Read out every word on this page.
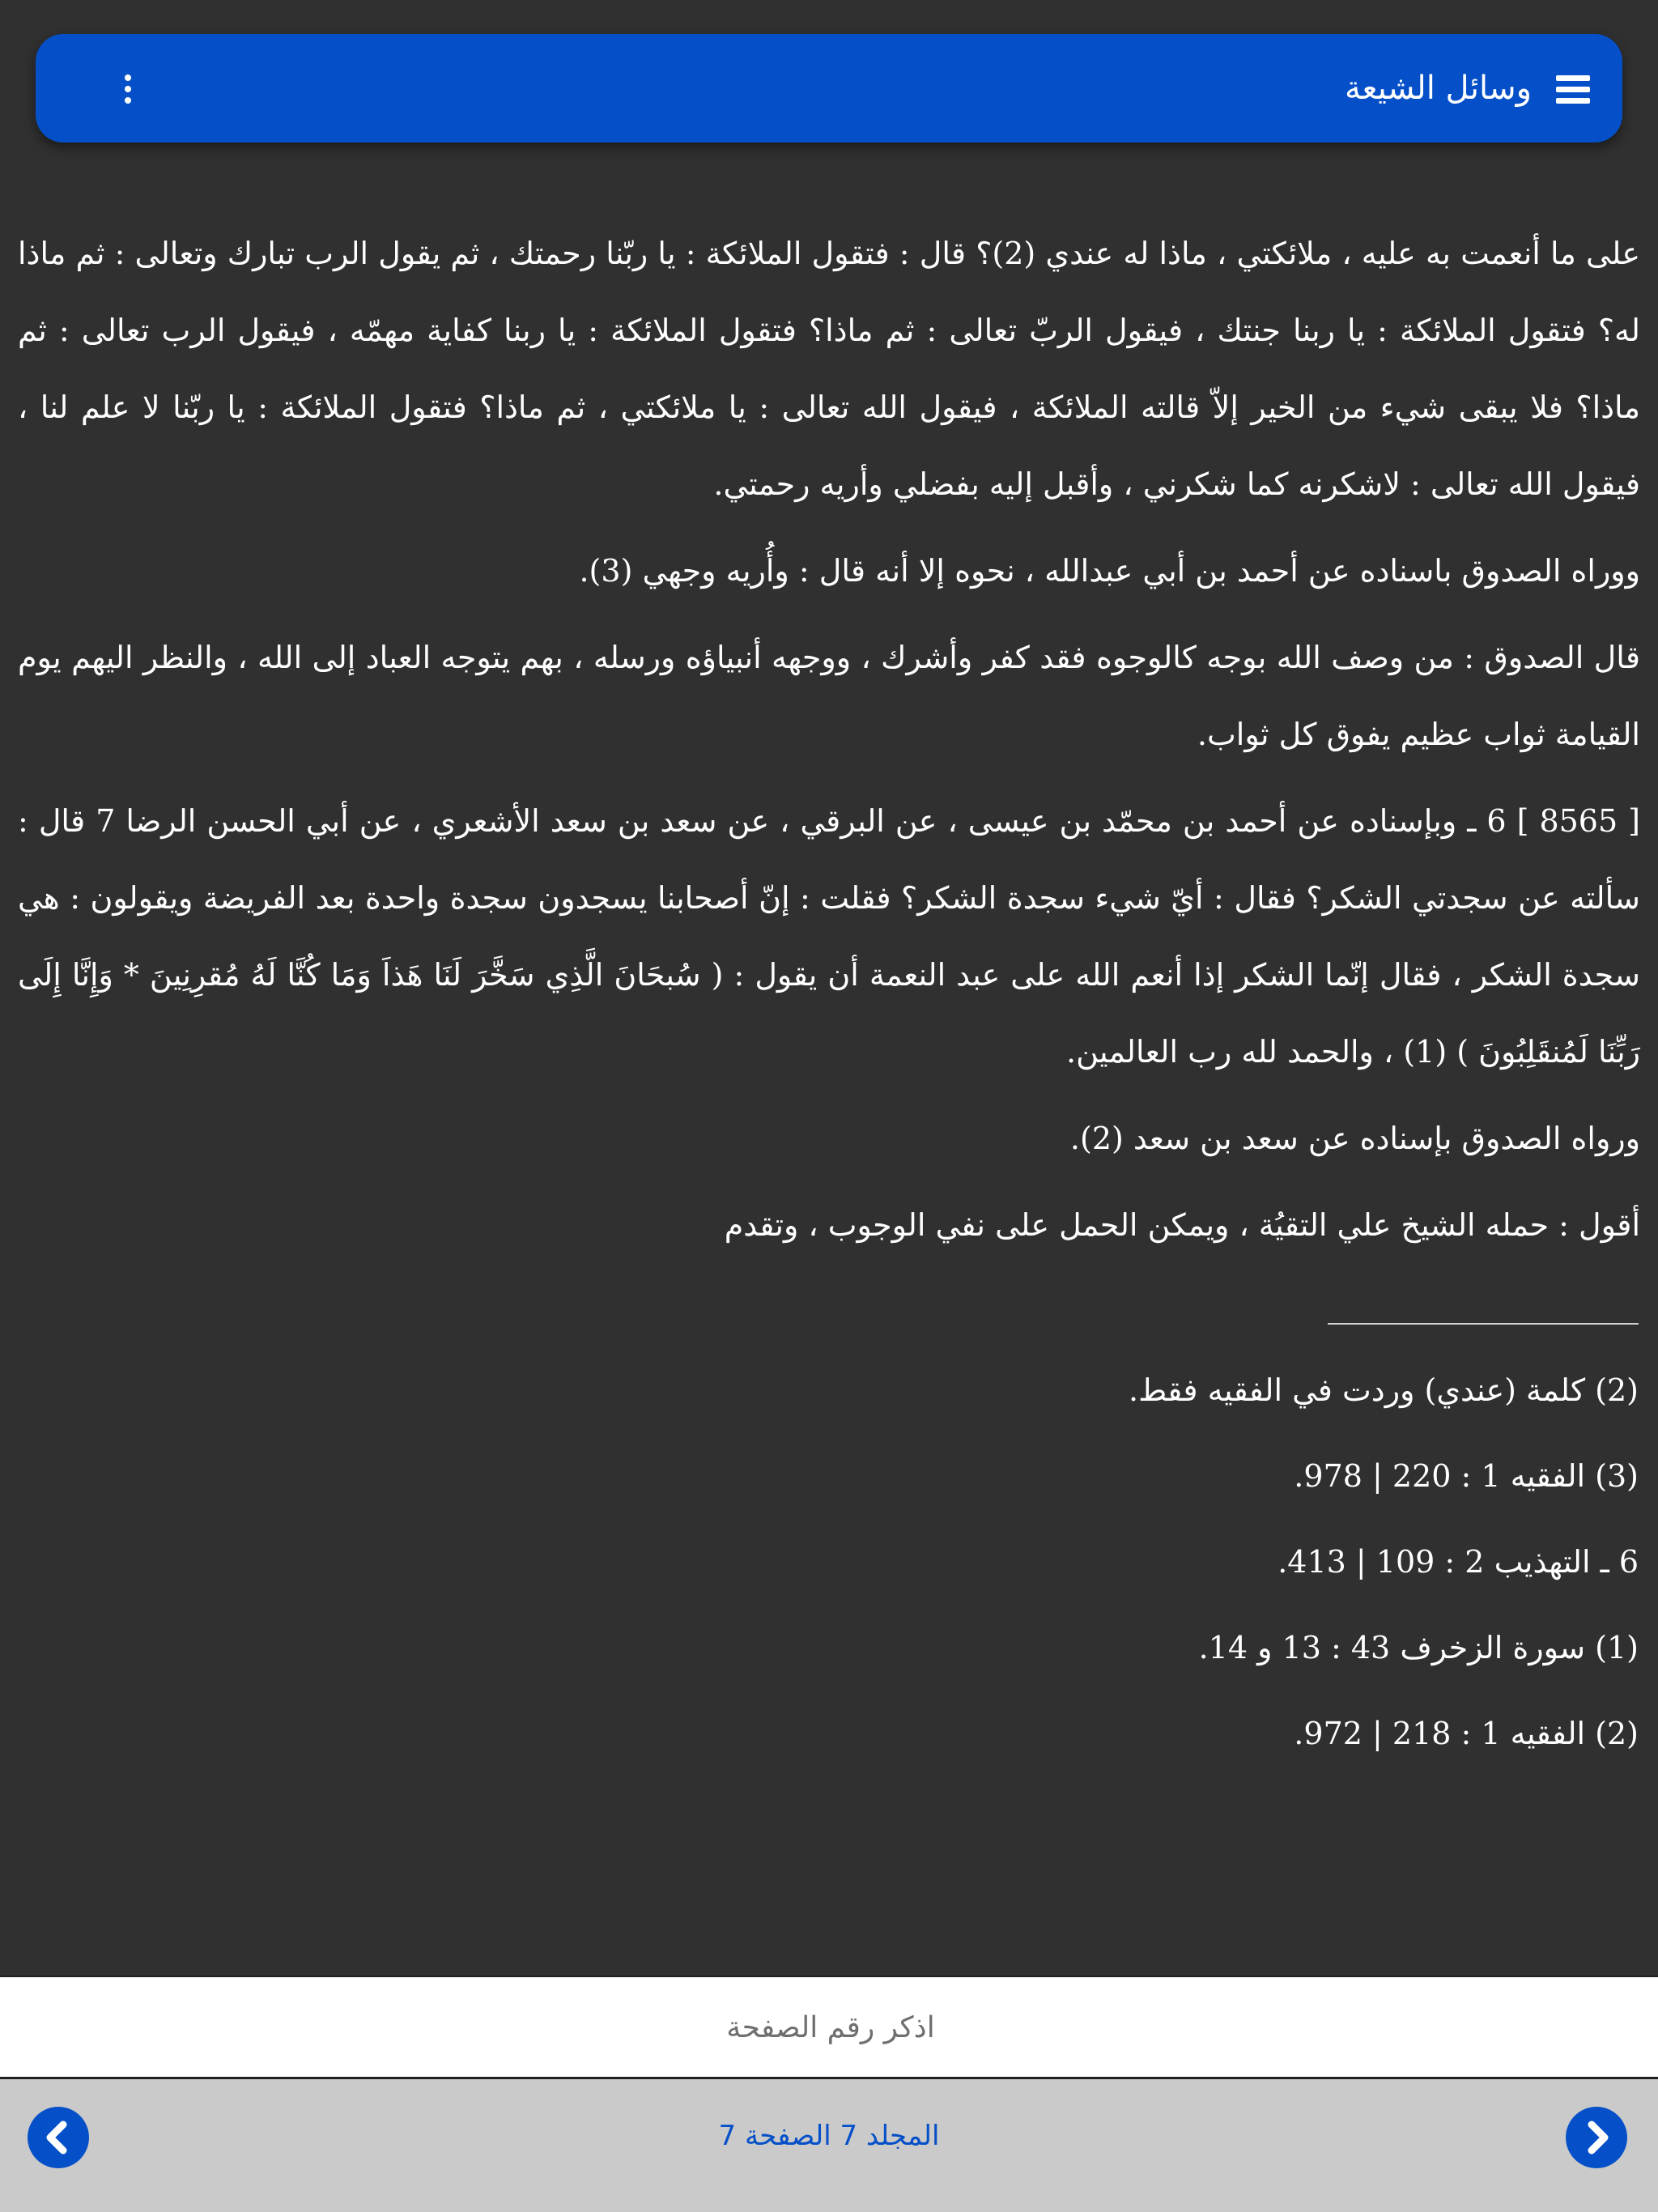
وسائل الشيعة

على ما أنعمت به عليه ، ملائكتي ، ماذا له عندي (2)؟ قال : فتقول الملائكة : يا ربّنا رحمتك ، ثم يقول الرب تبارك وتعالى : ثم ماذا له؟ فتقول الملائكة : يا ربنا جنتك ، فيقول الربّ تعالى : ثم ماذا؟ فتقول الملائكة : يا ربنا كفاية مهمّه ، فيقول الرب تعالى : ثم ماذا؟ فلا يبقى شيء من الخير إلاّ قالته الملائكة ، فيقول الله تعالى : يا ملائكتي ، ثم ماذا؟ فتقول الملائكة : يا ربّنا لا علم لنا ، فيقول الله تعالى : لاشكرنه كما شكرني ، وأقبل إليه بفضلي وأريه رحمتي.

ووراه الصدوق باسناده عن أحمد بن أبي عبدالله ، نحوه إلا أنه قال : وأُريه وجهي (3).

قال الصدوق : من وصف الله بوجه كالوجوه فقد كفر وأشرك ، ووجهه أنبياؤه ورسله ، بهم يتوجه العباد إلى الله ، والنظر اليهم يوم القيامة ثواب عظيم يفوق كل ثواب.

[ 8565 ] 6 ـ وبإسناده عن أحمد بن محمّد بن عيسى ، عن البرقي ، عن سعد بن سعد الأشعري ، عن أبي الحسن الرضا 7 قال : سألته عن سجدتي الشكر؟ فقال : أيّ شيء سجدة الشكر؟ فقلت : إنّ أصحابنا يسجدون سجدة واحدة بعد الفريضة ويقولون : هي سجدة الشكر ، فقال إنّما الشكر إذا أنعم الله على عبد النعمة أن يقول : ( سُبحَانَ الَّذِي سَخَّرَ لَنَا هَذاَ وَمَا كُنَّا لَهُ مُقرِنِينَ * وَإِنَّا إِلَى رَبِّنَا لَمُنقَلِبُونَ ) (1) ، والحمد لله رب العالمين.

ورواه الصدوق بإسناده عن سعد بن سعد (2).

أقول : حمله الشيخ علي التقيُة ، ويمكن الحمل على نفي الوجوب ، وتقدم

(2) كلمة (عندي) وردت في الفقيه فقط.
(3) الفقيه 1 : 220 | 978.
6 ـ التهذيب 2 : 109 | 413.
(1) سورة الزخرف 43 : 13 و 14.
(2) الفقيه 1 : 218 | 972.
اذكر رقم الصفحة
المجلد 7 الصفحة 7
